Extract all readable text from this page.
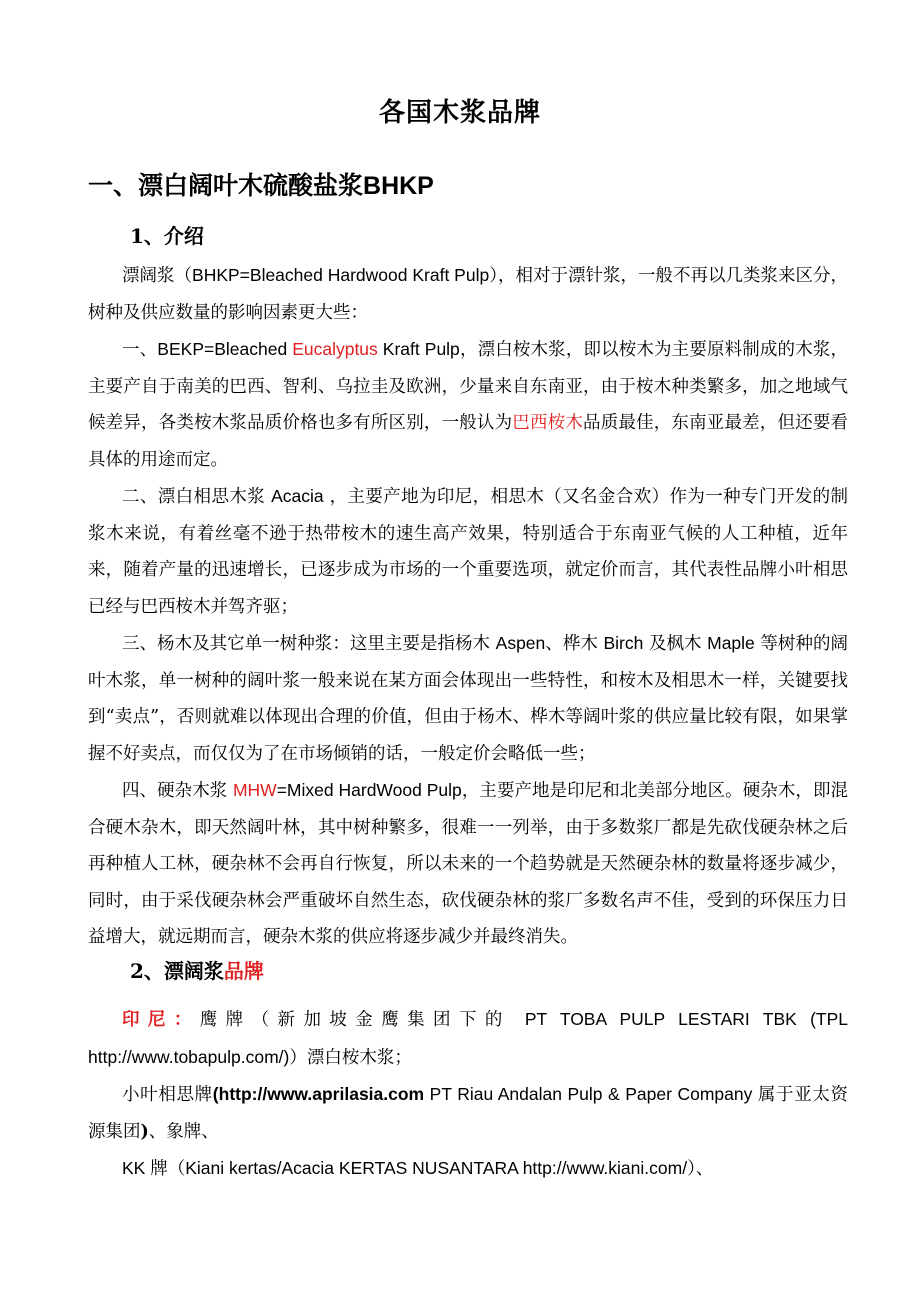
各国木浆品牌
一、漂白阔叶木硫酸盐浆BHKP
1、介绍

漂阔浆（BHKP=Bleached Hardwood Kraft Pulp），相对于漂针浆，一般不再以几类浆来区分，树种及供应数量的影响因素更大些：

一、BEKP=Bleached Eucalyptus Kraft Pulp，漂白桉木浆，即以桉木为主要原料制成的木浆，主要产自于南美的巴西、智利、乌拉圭及欧洲，少量来自东南亚，由于桉木种类繁多，加之地域气候差异，各类桉木浆品质价格也多有所区别，一般认为巴西桉木品质最佳，东南亚最差，但还要看具体的用途而定。

二、漂白相思木浆 Acacia ，主要产地为印尼，相思木（又名金合欢）作为一种专门开发的制浆木来说，有着丝毫不逊于热带桉木的速生高产效果，特别适合于东南亚气候的人工种植，近年来，随着产量的迅速增长，已逐步成为市场的一个重要选项，就定价而言，其代表性品牌小叶相思已经与巴西桉木并驾齐驱；

三、杨木及其它单一树种浆：这里主要是指杨木 Aspen、桦木 Birch 及枫木 Maple 等树种的阔叶木浆，单一树种的阔叶浆一般来说在某方面会体现出一些特性，和桉木及相思木一样，关键要找到“卖点”，否则就难以体现出合理的价值，但由于杨木、桦木等阔叶浆的供应量比较有限，如果掌握不好卖点，而仅仅为了在市场倾销的话，一般定价会略低一些；

四、硬杂木浆 MHW=Mixed HardWood Pulp，主要产地是印尼和北美部分地区。硬杂木，即混合硬木杂木，即天然阔叶林，其中树种繁多，很难一一列举，由于多数浆厂都是先砍伐硬杂林之后再种植人工林，硬杂林不会再自行恢复，所以未来的一个趋势就是天然硬杂林的数量将逐步减少，同时，由于采伐硬杂林会严重破坏自然生态，砍伐硬杂林的浆厂多数名声不佳，受到的环保压力日益增大，就远期而言，硬杂木浆的供应将逐步减少并最终消失。

2、漂阔浆品牌

印尼：鹰牌（新加坡金鹰集团下的 PT TOBA PULP LESTARI TBK (TPL http://www.tobapulp.com/)）漂白桉木浆；

小叶相思牌(http://www.aprilasia.com PT Riau Andalan Pulp & Paper Company 属于亚太资源集团)、象牌、

KK 牌（Kiani kertas/Acacia KERTAS NUSANTARA http://www.kiani.com/）、
